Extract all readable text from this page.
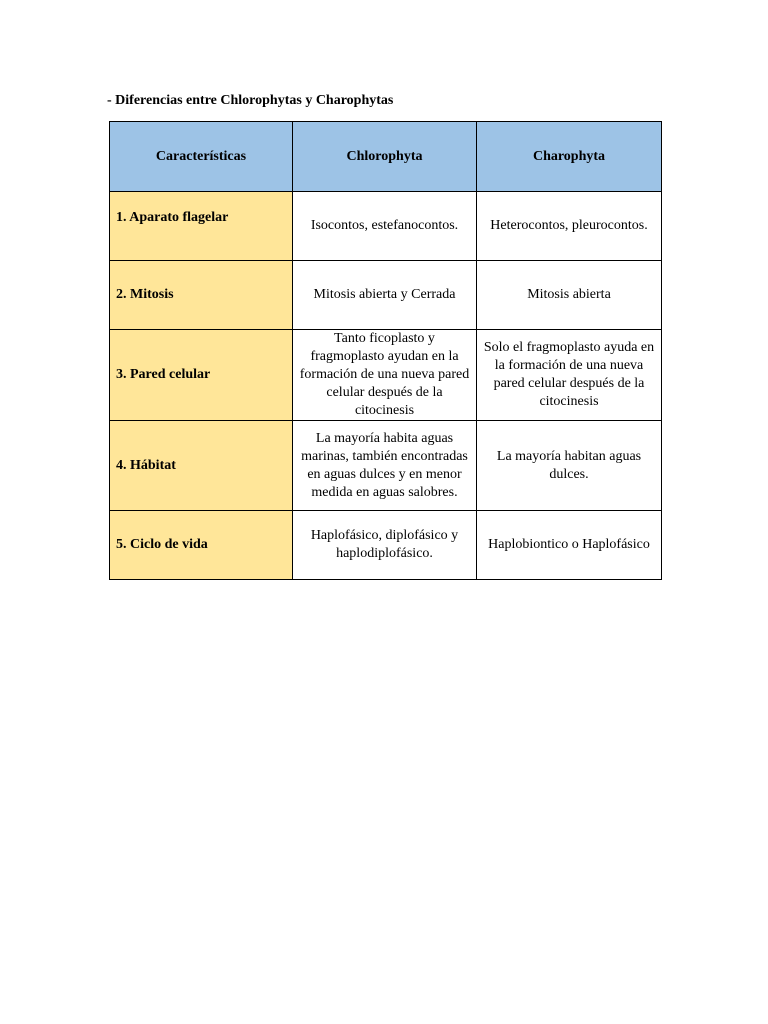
- Diferencias entre Chlorophytas y Charophytas
Características	Chlorophyta	Charophyta
1. Aparato flagelar	Isocontos, estefanocontos.	Heterocontos, pleurocontos.
2. Mitosis	Mitosis abierta y Cerrada	Mitosis abierta
3. Pared celular	Tanto ficoplasto y fragmoplasto ayudan en la formación de una nueva pared celular después de la citocinesis	Solo el fragmoplasto ayuda en la formación de una nueva pared celular después de la citocinesis
4. Hábitat	La mayoría habita aguas marinas, también encontradas en aguas dulces y en menor medida en aguas salobres.	La mayoría habitan aguas dulces.
5. Ciclo de vida	Haplofásico, diplofásico y haplodiplofásico.	Haplobiontico o Haplofásico
